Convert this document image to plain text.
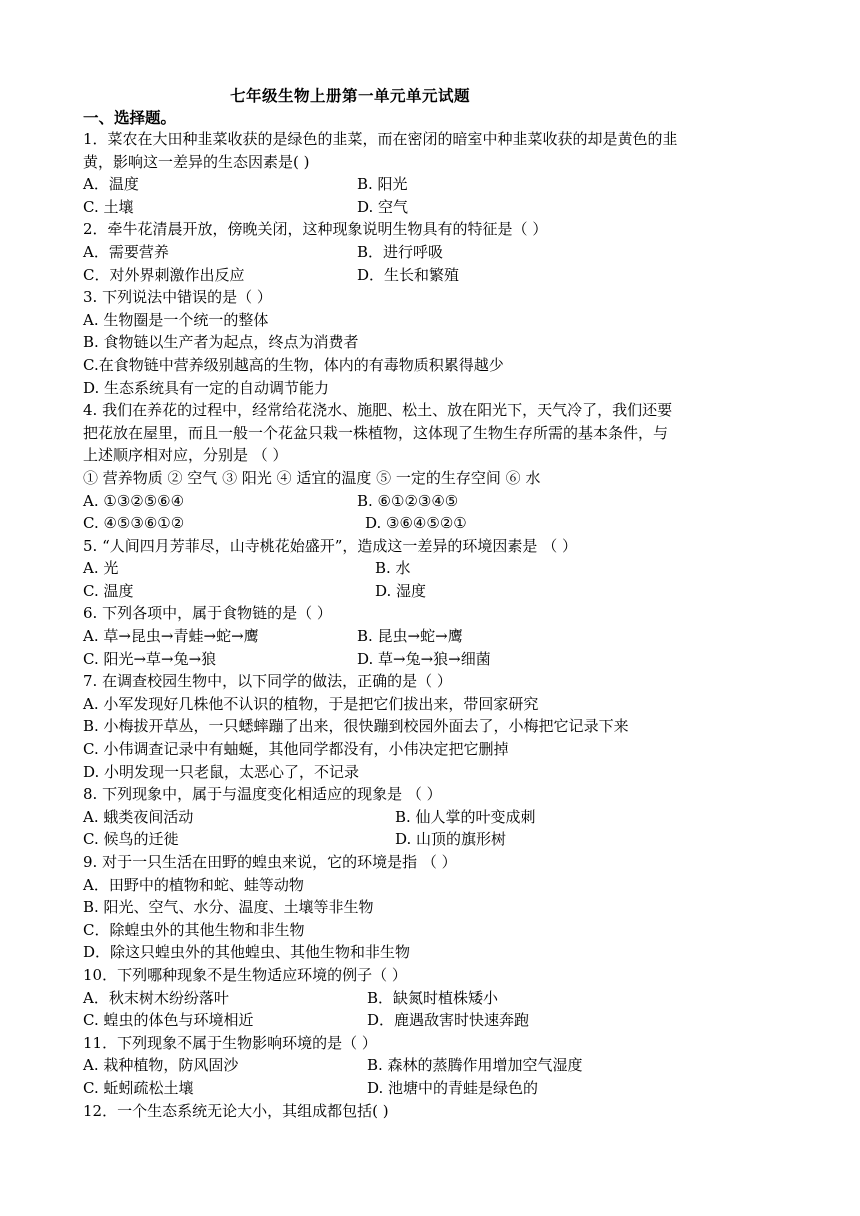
七年级生物上册第一单元单元试题
一、选择题。
1．菜农在大田种韭菜收获的是绿色的韭菜，而在密闭的暗室中种韭菜收获的却是黄色的韭
黄，影响这一差异的生态因素是( )
A．温度	B. 阳光
C. 土壤	D. 空气
2．牵牛花清晨开放，傍晚关闭，这种现象说明生物具有的特征是（ ）
A．需要营养	B．进行呼吸
C．对外界刺激作出反应	D．生长和繁殖
3. 下列说法中错误的是（ ）
A. 生物圈是一个统一的整体
B. 食物链以生产者为起点，终点为消费者
C.在食物链中营养级别越高的生物，体内的有毒物质积累得越少
D. 生态系统具有一定的自动调节能力
4. 我们在养花的过程中，经常给花浇水、施肥、松土、放在阳光下，天气冷了，我们还要
把花放在屋里，而且一般一个花盆只栽一株植物，这体现了生物生存所需的基本条件，与
上述顺序相对应，分别是 （ ）
① 营养物质 ② 空气 ③ 阳光 ④ 适宜的温度 ⑤ 一定的生存空间 ⑥ 水
A. ①③②⑤⑥④	B. ⑥①②③④⑤
C. ④⑤③⑥①②	D. ③⑥④⑤②①
5. “人间四月芳菲尽，山寺桃花始盛开”，造成这一差异的环境因素是 （ ）
A. 光	B. 水
C. 温度	D. 湿度
6. 下列各项中，属于食物链的是（ ）
A. 草→昆虫→青蛙→蛇→鹰	B. 昆虫→蛇→鹰
C. 阳光→草→兔→狼	D. 草→兔→狼→细菌
7. 在调查校园生物中，以下同学的做法，正确的是（ ）
A. 小军发现好几株他不认识的植物，于是把它们拔出来，带回家研究
B. 小梅拔开草丛，一只蟋蟀蹦了出来，很快蹦到校园外面去了，小梅把它记录下来
C. 小伟调查记录中有蚰蜒，其他同学都没有，小伟决定把它删掉
D. 小明发现一只老鼠，太恶心了，不记录
8. 下列现象中，属于与温度变化相适应的现象是 （ ）
A. 蛾类夜间活动	B. 仙人掌的叶变成刺
C. 候鸟的迁徙	D. 山顶的旗形树
9. 对于一只生活在田野的蝗虫来说，它的环境是指 （ ）
A．田野中的植物和蛇、蛙等动物
B. 阳光、空气、水分、温度、土壤等非生物
C．除蝗虫外的其他生物和非生物
D．除这只蝗虫外的其他蝗虫、其他生物和非生物
10．下列哪种现象不是生物适应环境的例子（ ）
A．秋末树木纷纷落叶	B．缺氮时植株矮小
C. 蝗虫的体色与环境相近	D．鹿遇敌害时快速奔跑
11．下列现象不属于生物影响环境的是（ ）
A. 栽种植物，防风固沙	B. 森林的蒸腾作用增加空气湿度
C. 蚯蚓疏松土壤	D. 池塘中的青蛙是绿色的
12．一个生态系统无论大小，其组成都包括( )
